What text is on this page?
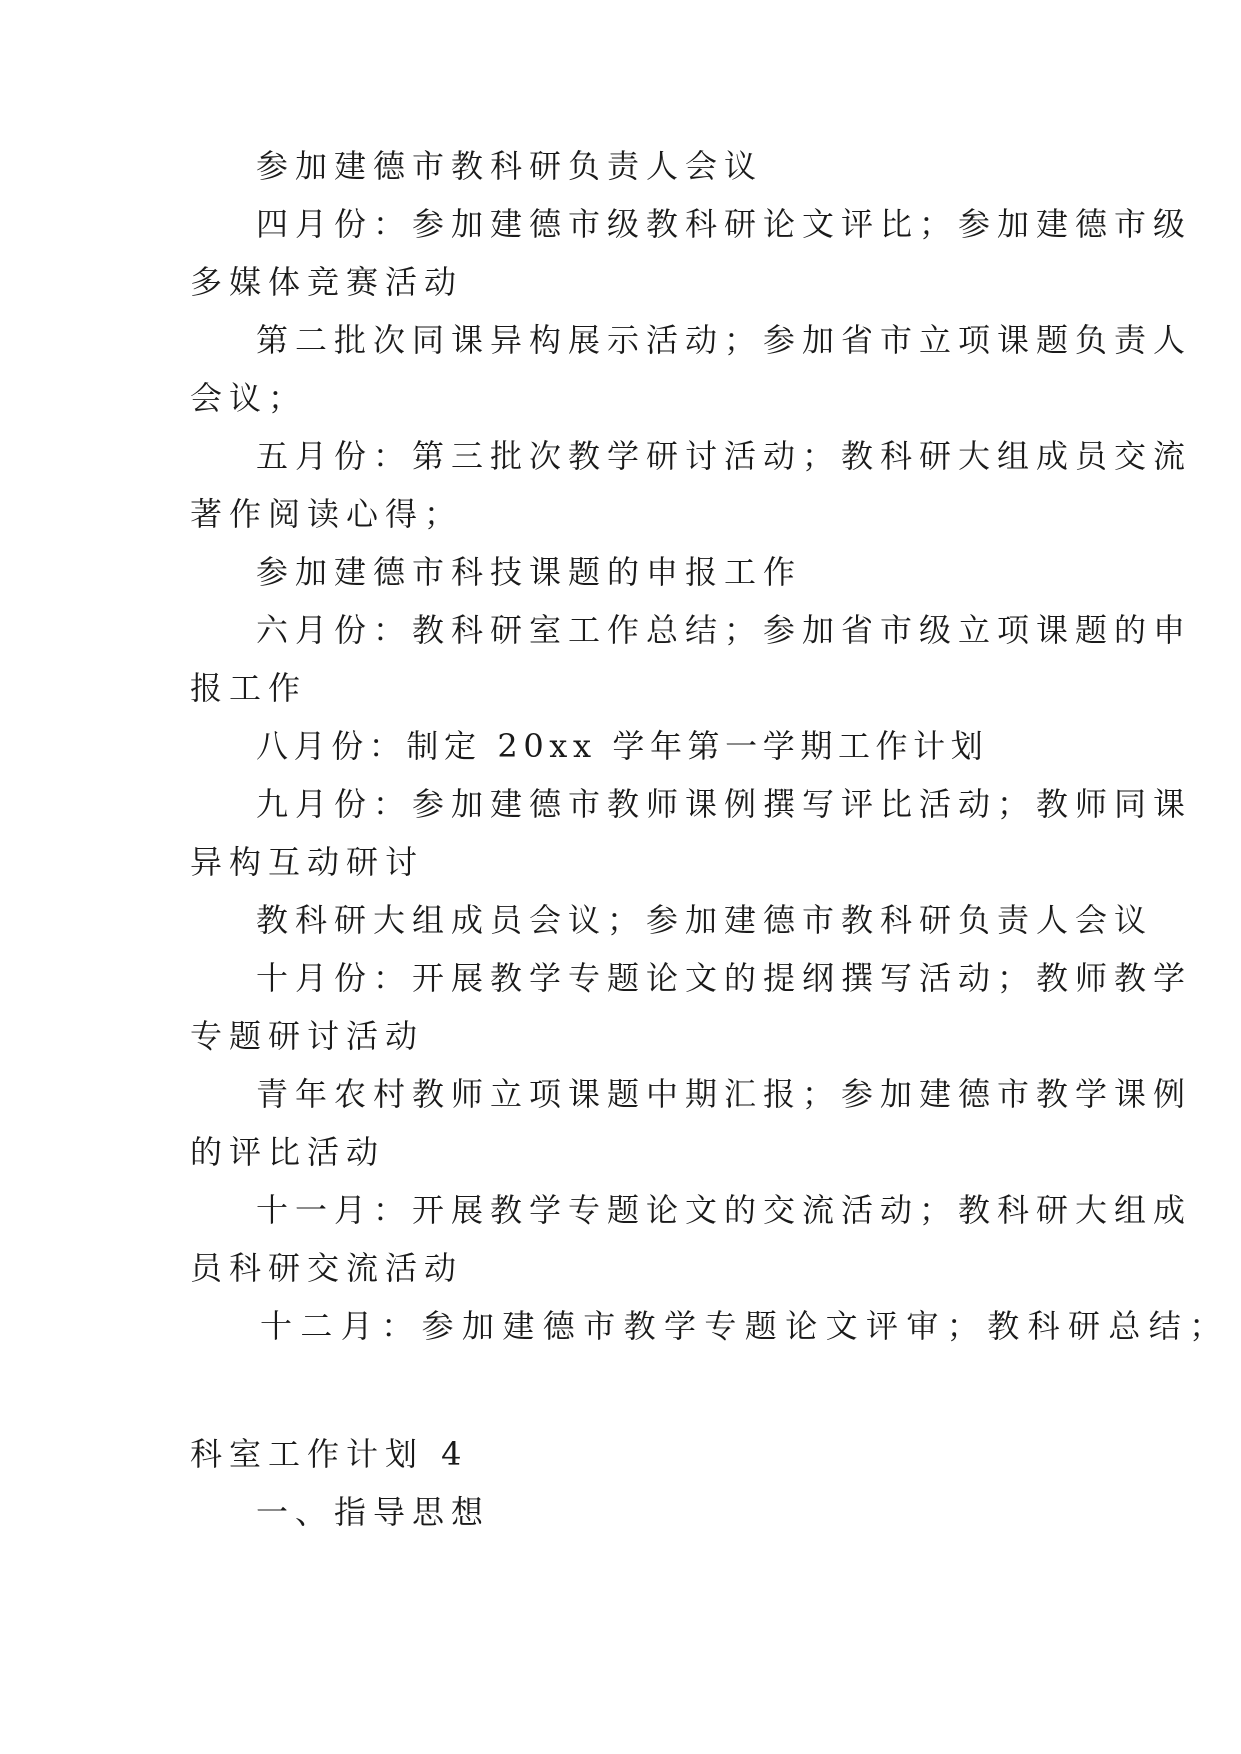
参加建德市教科研负责人会议
四月份：参加建德市级教科研论文评比；参加建德市级
多媒体竞赛活动
第二批次同课异构展示活动；参加省市立项课题负责人
会议；
五月份：第三批次教学研讨活动；教科研大组成员交流
著作阅读心得；
参加建德市科技课题的申报工作
六月份：教科研室工作总结；参加省市级立项课题的申
报工作
八月份：制定 20xx 学年第一学期工作计划
九月份：参加建德市教师课例撰写评比活动；教师同课
异构互动研讨
教科研大组成员会议；参加建德市教科研负责人会议
十月份：开展教学专题论文的提纲撰写活动；教师教学
专题研讨活动
青年农村教师立项课题中期汇报；参加建德市教学课例
的评比活动
十一月：开展教学专题论文的交流活动；教科研大组成
员科研交流活动
十二月：参加建德市教学专题论文评审；教科研总结；
科室工作计划 4
一、指导思想
